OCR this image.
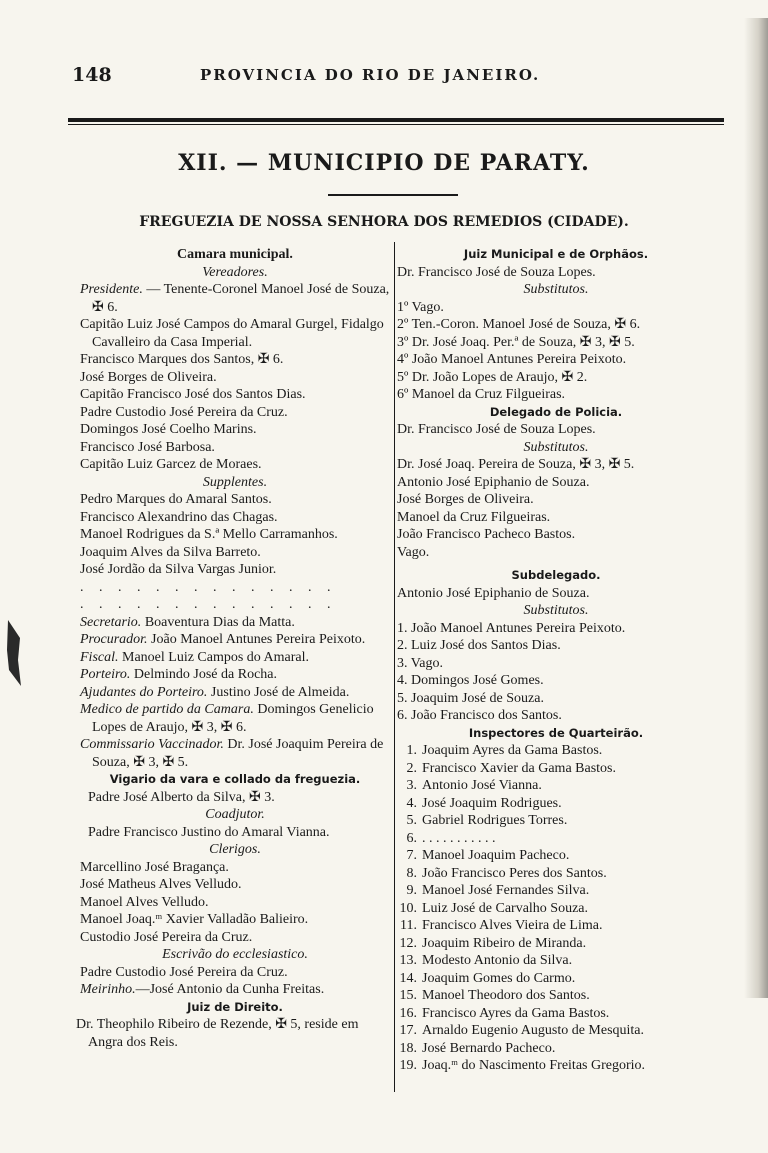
148	PROVINCIA DO RIO DE JANEIRO.
XII. — MUNICIPIO DE PARATY.
FREGUEZIA DE NOSSA SENHORA DOS REMEDIOS (CIDADE).
Camara municipal.
Vereadores.
Presidente. — Tenente-Coronel Manoel José de Souza, ✠ 6.
Capitão Luiz José Campos do Amaral Gurgel, Fidalgo Cavalleiro da Casa Imperial.
Francisco Marques dos Santos, ✠ 6.
José Borges de Oliveira.
Capitão Francisco José dos Santos Dias.
Padre Custodio José Pereira da Cruz.
Domingos José Coelho Marins.
Francisco José Barbosa.
Capitão Luiz Garcez de Moraes.
Supplentes.
Pedro Marques do Amaral Santos.
Francisco Alexandrino das Chagas.
Manoel Rodrigues da S.ª Mello Carramanhos.
Joaquim Alves da Silva Barreto.
José Jordão da Silva Vargas Junior.
. . . . . . . . . . . . . .
. . . . . . . . . . . . . .
Secretario. Boaventura Dias da Matta.
Procurador. João Manoel Antunes Pereira Peixoto.
Fiscal. Manoel Luiz Campos do Amaral.
Porteiro. Delmindo José da Rocha.
Ajudantes do Porteiro. Justino José de Almeida.
Medico de partido da Camara. Domingos Genelicio Lopes de Araujo, ✠ 3, ✠ 6.
Commissario Vaccinador. Dr. José Joaquim Pereira de Souza, ✠ 3, ✠ 5.
Vigario da vara e collado da freguezia.
Padre José Alberto da Silva, ✠ 3.
Coadjutor.
Padre Francisco Justino do Amaral Vianna.
Clerigos.
Marcellino José Bragança.
José Matheus Alves Velludo.
Manoel Alves Velludo.
Manoel Joaq.ᵐ Xavier Valladão Balieiro.
Custodio José Pereira da Cruz.
Escrivão do ecclesiastico.
Padre Custodio José Pereira da Cruz.
Meirinho.—José Antonio da Cunha Freitas.
Juiz de Direito.
Dr. Theophilo Ribeiro de Rezende, ✠ 5, reside em Angra dos Reis.
Juiz Municipal e de Orphãos.
Dr. Francisco José de Souza Lopes.
Substitutos.
1º Vago.
2º Ten.-Coron. Manoel José de Souza, ✠ 6.
3º Dr. José Joaq. Per.ª de Souza, ✠ 3, ✠ 5.
4º João Manoel Antunes Pereira Peixoto.
5º Dr. João Lopes de Araujo, ✠ 2.
6º Manoel da Cruz Filgueiras.
Delegado de Policia.
Dr. Francisco José de Souza Lopes.
Substitutos.
Dr. José Joaq. Pereira de Souza, ✠ 3, ✠ 5.
Antonio José Epiphanio de Souza.
José Borges de Oliveira.
Manoel da Cruz Filgueiras.
João Francisco Pacheco Bastos.
Vago.
Subdelegado.
Antonio José Epiphanio de Souza.
Substitutos.
1. João Manoel Antunes Pereira Peixoto.
2. Luiz José dos Santos Dias.
3. Vago.
4. Domingos José Gomes.
5. Joaquim José de Souza.
6. João Francisco dos Santos.
Inspectores de Quarteirão.
1. Joaquim Ayres da Gama Bastos.
2. Francisco Xavier da Gama Bastos.
3. Antonio José Vianna.
4. José Joaquim Rodrigues.
5. Gabriel Rodrigues Torres.
6. . . . . . . . . . . .
7. Manoel Joaquim Pacheco.
8. João Francisco Peres dos Santos.
9. Manoel José Fernandes Silva.
10. Luiz José de Carvalho Souza.
11. Francisco Alves Vieira de Lima.
12. Joaquim Ribeiro de Miranda.
13. Modesto Antonio da Silva.
14. Joaquim Gomes do Carmo.
15. Manoel Theodoro dos Santos.
16. Francisco Ayres da Gama Bastos.
17. Arnaldo Eugenio Augusto de Mesquita.
18. José Bernardo Pacheco.
19. Joaq.ᵐ do Nascimento Freitas Gregorio.
